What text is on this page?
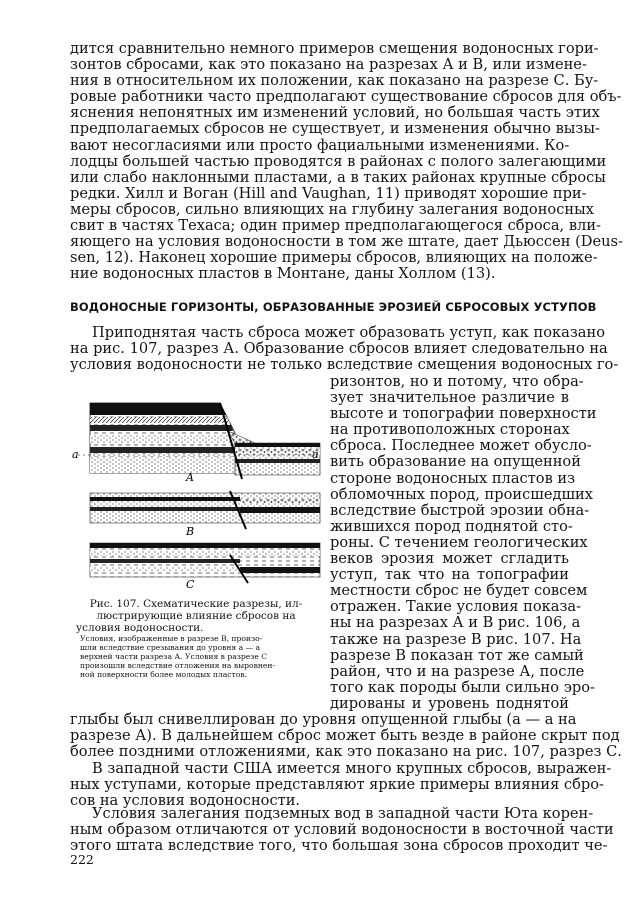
дится сравнительно немного примеров смещения водоносных гори-
зонтов сбросами, как это показано на разрезах А и В, или измене-
ния в относительном их положении, как показано на разрезе С. Бу-
ровые работники часто предполагают существование сбросов для объ-
яснения непонятных им изменений условий, но большая часть этих
предполагаемых сбросов не существует, и изменения обычно вызы-
вают несогласиями или просто фациальными изменениями. Ко-
лодцы большей частью проводятся в районах с полого залегающими
или слабо наклонными пластами, а в таких районах крупные сбросы
редки. Хилл и Воган (Hill and Vaughan, 11) приводят хорошие при-
меры сбросов, сильно влияющих на глубину залегания водоносных
свит в частях Техаса; один пример предполагающегося сброса, вли-
яющего на условия водоносности в том же штате, дает Дьюссен (Deus-
sen, 12). Наконец хорошие примеры сбросов, влияющих на положе-
ние водоносных пластов в Монтане, даны Холлом (13).
ВОДОНОСНЫЕ ГОРИЗОНТЫ, ОБРАЗОВАННЫЕ ЭРОЗИЕЙ СБРОСОВЫХ УСТУПОВ
Приподнятая часть сброса может образовать уступ, как показано
на рис. 107, разрез А. Образование сбросов влияет следовательно на
условия водоносности не только вследствие смещения водоносных го-
ризонтов, но и потому, что обра-
зует значительное различие в
высоте и топографии поверхности
на противоположных сторонах
сброса. Последнее может обусло-
вить образование на опущенной
стороне водоносных пластов из
обломочных пород, происшедших
вследствие быстрой эрозии обна-
жившихся пород поднятой сто-
роны. С течением геологических
веков эрозия может сгладить
уступ, так что на топографии
местности сброс не будет совсем
отражен. Такие условия показа-
ны на разрезах А и В рис. 106, а
также на разрезе В рис. 107. На
разрезе В показан тот же самый
район, что и на разрезе А, после
того как породы были сильно эро-
дированы и уровень поднятой
глыбы был снивеллирован до уровня опущенной глыбы (а — а на
разрезе А). В дальнейшем сброс может быть везде в районе скрыт под
более поздними отложениями, как это показано на рис. 107, разрез С.
В западной части США имеется много крупных сбросов, выражен-
ных уступами, которые представляют яркие примеры влияния сбро-
сов на условия водоносности.
Условия залегания подземных вод в западной части Юта корен-
ным образом отличаются от условий водоносности в восточной части
этого штата вследствие того, что большая зона сбросов проходит че-
a	a
A
B
C
Рис. 107. Схематические разрезы, ил-
люстрирующие влияние сбросов на
условия водоносности.
Условия, изображенные в разрезе В, произо-
шли вследствие срезывания до уровня а — а
верхней части разреза А. Условия в разрезе С
произошли вследствие отложения на выровнен-
ной поверхности более молодых пластов.

222
